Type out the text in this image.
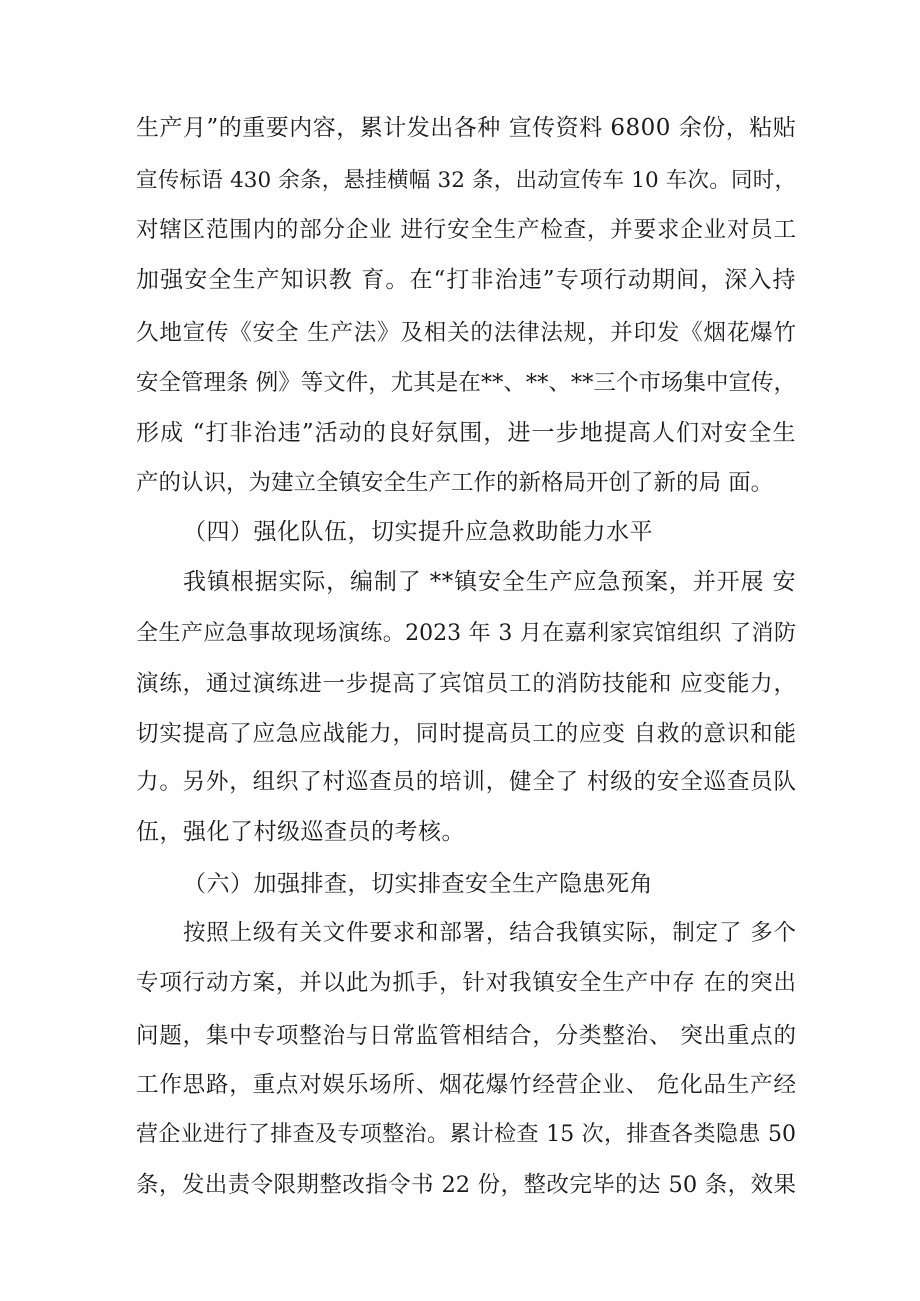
生产月”的重要内容，累计发出各种 宣传资料 6800 余份，粘贴
宣传标语 430 余条，悬挂横幅 32 条，出动宣传车 10 车次。同时，
对辖区范围内的部分企业 进行安全生产检查，并要求企业对员工
加强安全生产知识教 育。在“打非治违”专项行动期间，深入持
久地宣传《安全 生产法》及相关的法律法规，并印发《烟花爆竹
安全管理条 例》等文件，尤其是在**、**、**三个市场集中宣传，
形成 “打非治违”活动的良好氛围，进一步地提高人们对安全生
产的认识，为建立全镇安全生产工作的新格局开创了新的局 面。
（四）强化队伍，切实提升应急救助能力水平
我镇根据实际，编制了 **镇安全生产应急预案，并开展 安
全生产应急事故现场演练。2023 年 3 月在嘉利家宾馆组织 了消防
演练，通过演练进一步提高了宾馆员工的消防技能和 应变能力，
切实提高了应急应战能力，同时提高员工的应变 自救的意识和能
力。另外，组织了村巡查员的培训，健全了 村级的安全巡查员队
伍，强化了村级巡查员的考核。
（六）加强排查，切实排查安全生产隐患死角
按照上级有关文件要求和部署，结合我镇实际，制定了 多个
专项行动方案，并以此为抓手，针对我镇安全生产中存 在的突出
问题，集中专项整治与日常监管相结合，分类整治、 突出重点的
工作思路，重点对娱乐场所、烟花爆竹经营企业、 危化品生产经
营企业进行了排查及专项整治。累计检查 15 次，排查各类隐患 50
条，发出责令限期整改指令书 22 份，整改完毕的达 50 条，效果
